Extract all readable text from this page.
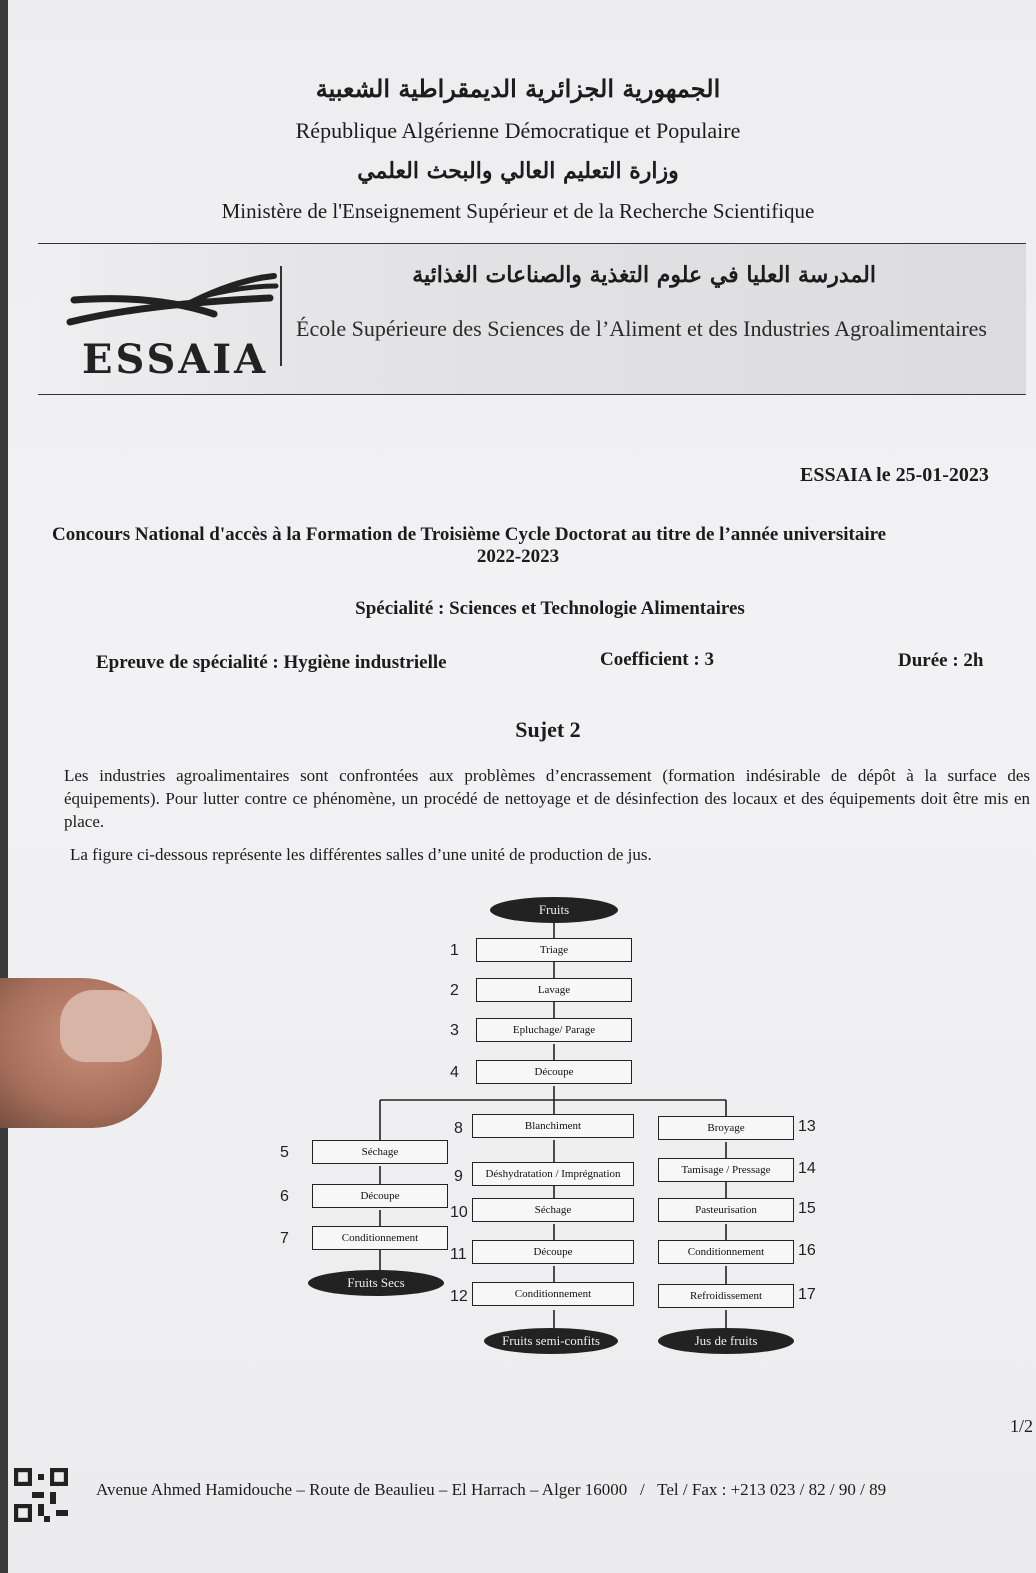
الجمهورية الجزائرية الديمقراطية الشعبية
République Algérienne Démocratique et Populaire
وزارة التعليم العالي والبحث العلمي
Ministère de l'Enseignement Supérieur et de la Recherche Scientifique
ESSAIA
المدرسة العليا في علوم التغذية والصناعات الغذائية
École Supérieure des Sciences de l’Aliment et des Industries Agroalimentaires
ESSAIA le 25-01-2023
Concours National d'accès à la Formation de Troisième Cycle Doctorat au titre de l’année universitaire
2022-2023
Spécialité : Sciences et Technologie Alimentaires
Epreuve de spécialité : Hygiène industrielle	Coefficient : 3	Durée : 2h
Sujet 2
Les industries agroalimentaires sont confrontées aux problèmes d’encrassement (formation indésirable de dépôt à la surface des équipements). Pour lutter contre ce phénomène, un procédé de nettoyage et de désinfection des locaux et des équipements doit être mis en place.
La figure ci-dessous représente les différentes salles d’une unité de production de jus.
Fruits
Triage
1
Lavage
2
Epluchage/ Parage
3
Découpe
4
Séchage
5
Découpe
6
Conditionnement
7
Fruits Secs
Blanchiment
8
Déshydratation / Imprégnation
9
Séchage
10
Découpe
11
Conditionnement
12
Fruits semi-confits
Broyage	13
Tamisage / Pressage	14
Pasteurisation	15
Conditionnement	16
Refroidissement	17
Jus de fruits
1/2
Avenue Ahmed Hamidouche – Route de Beaulieu – El Harrach – Alger 16000   /   Tel / Fax : +213 023 / 82 / 90 / 89
